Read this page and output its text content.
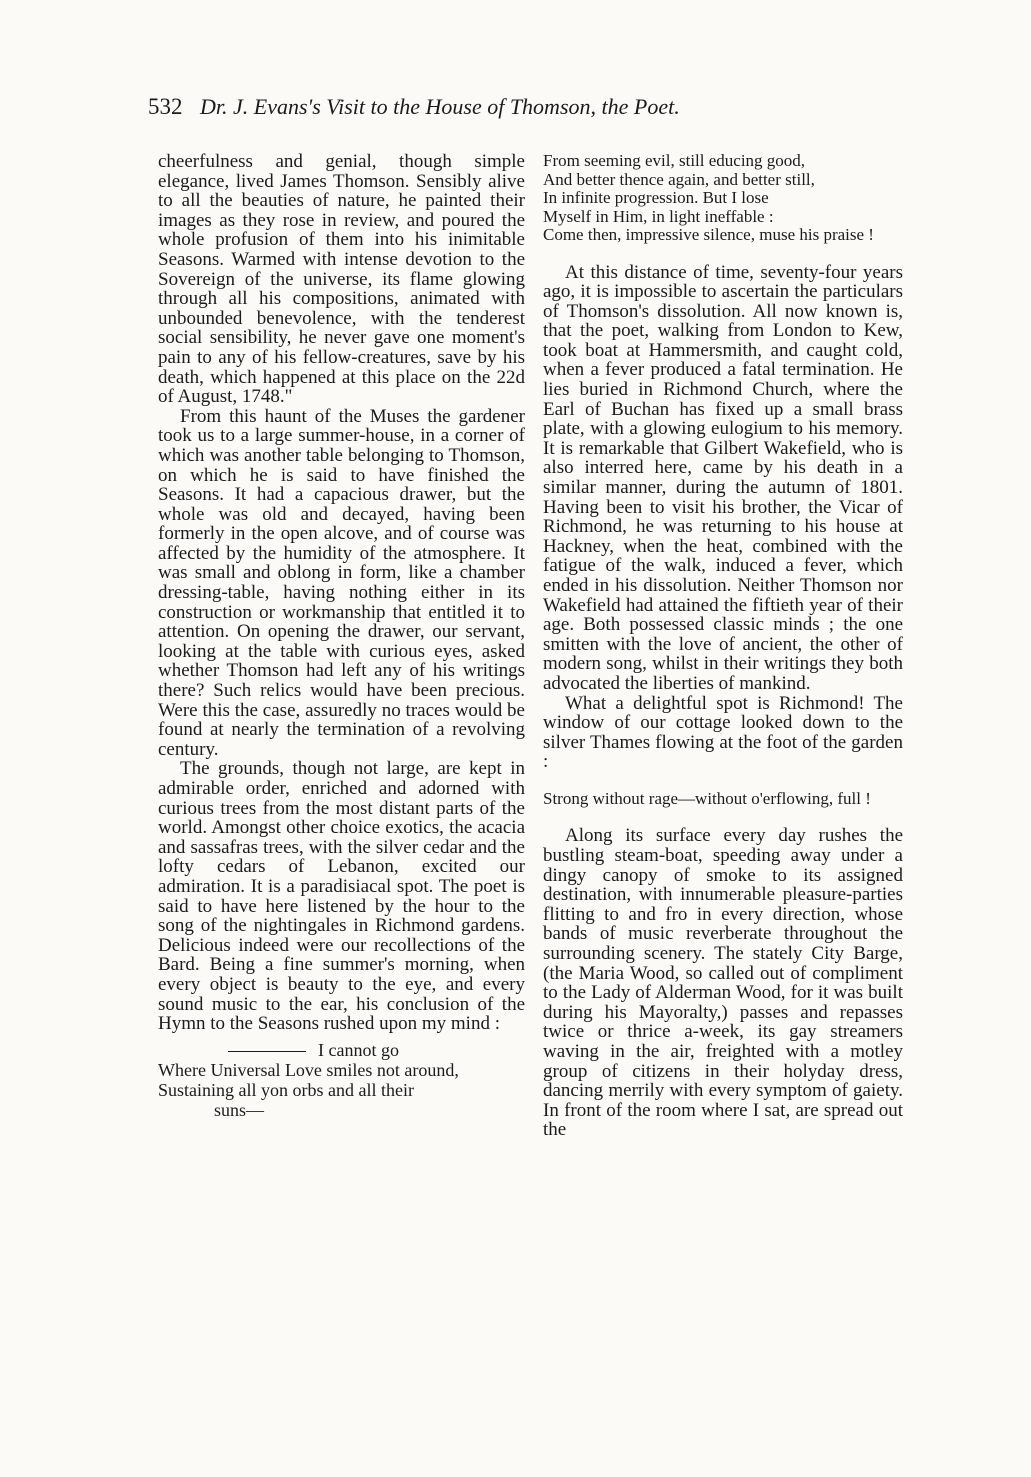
532 Dr. J. Evans's Visit to the House of Thomson, the Poet.

cheerfulness and genial, though simple elegance, lived James Thomson. Sensibly alive to all the beauties of nature, he painted their images as they rose in review, and poured the whole profusion of them into his inimitable Seasons. Warmed with intense devotion to the Sovereign of the universe, its flame glowing through all his compositions, animated with unbounded benevolence, with the tenderest social sensibility, he never gave one moment's pain to any of his fellow-creatures, save by his death, which happened at this place on the 22d of August, 1748."

From this haunt of the Muses the gardener took us to a large summer-house, in a corner of which was another table belonging to Thomson, on which he is said to have finished the Seasons. It had a capacious drawer, but the whole was old and decayed, having been formerly in the open alcove, and of course was affected by the humidity of the atmosphere. It was small and oblong in form, like a chamber dressing-table, having nothing either in its construction or workmanship that entitled it to attention. On opening the drawer, our servant, looking at the table with curious eyes, asked whether Thomson had left any of his writings there? Such relics would have been precious. Were this the case, assuredly no traces would be found at nearly the termination of a revolving century.

The grounds, though not large, are kept in admirable order, enriched and adorned with curious trees from the most distant parts of the world. Amongst other choice exotics, the acacia and sassafras trees, with the silver cedar and the lofty cedars of Lebanon, excited our admiration. It is a paradisiacal spot. The poet is said to have here listened by the hour to the song of the nightingales in Richmond gardens. Delicious indeed were our recollections of the Bard. Being a fine summer's morning, when every object is beauty to the eye, and every sound music to the ear, his conclusion of the Hymn to the Seasons rushed upon my mind :

I cannot go
Where Universal Love smiles not around,
Sustaining all yon orbs and all their
suns—
From seeming evil, still educing good,
And better thence again, and better still,
In infinite progression. But I lose
Myself in Him, in light ineffable :
Come then, impressive silence, muse his praise !

At this distance of time, seventy-four years ago, it is impossible to ascertain the particulars of Thomson's dissolution. All now known is, that the poet, walking from London to Kew, took boat at Hammersmith, and caught cold, when a fever produced a fatal termination. He lies buried in Richmond Church, where the Earl of Buchan has fixed up a small brass plate, with a glowing eulogium to his memory. It is remarkable that Gilbert Wakefield, who is also interred here, came by his death in a similar manner, during the autumn of 1801. Having been to visit his brother, the Vicar of Richmond, he was returning to his house at Hackney, when the heat, combined with the fatigue of the walk, induced a fever, which ended in his dissolution. Neither Thomson nor Wakefield had attained the fiftieth year of their age. Both possessed classic minds ; the one smitten with the love of ancient, the other of modern song, whilst in their writings they both advocated the liberties of mankind.

What a delightful spot is Richmond! The window of our cottage looked down to the silver Thames flowing at the foot of the garden :

Strong without rage—without o'erflowing, full !

Along its surface every day rushes the bustling steam-boat, speeding away under a dingy canopy of smoke to its assigned destination, with innumerable pleasure-parties flitting to and fro in every direction, whose bands of music reverberate throughout the surrounding scenery. The stately City Barge, (the Maria Wood, so called out of compliment to the Lady of Alderman Wood, for it was built during his Mayoralty,) passes and repasses twice or thrice a-week, its gay streamers waving in the air, freighted with a motley group of citizens in their holyday dress, dancing merrily with every symptom of gaiety. In front of the room where I sat, are spread out the
